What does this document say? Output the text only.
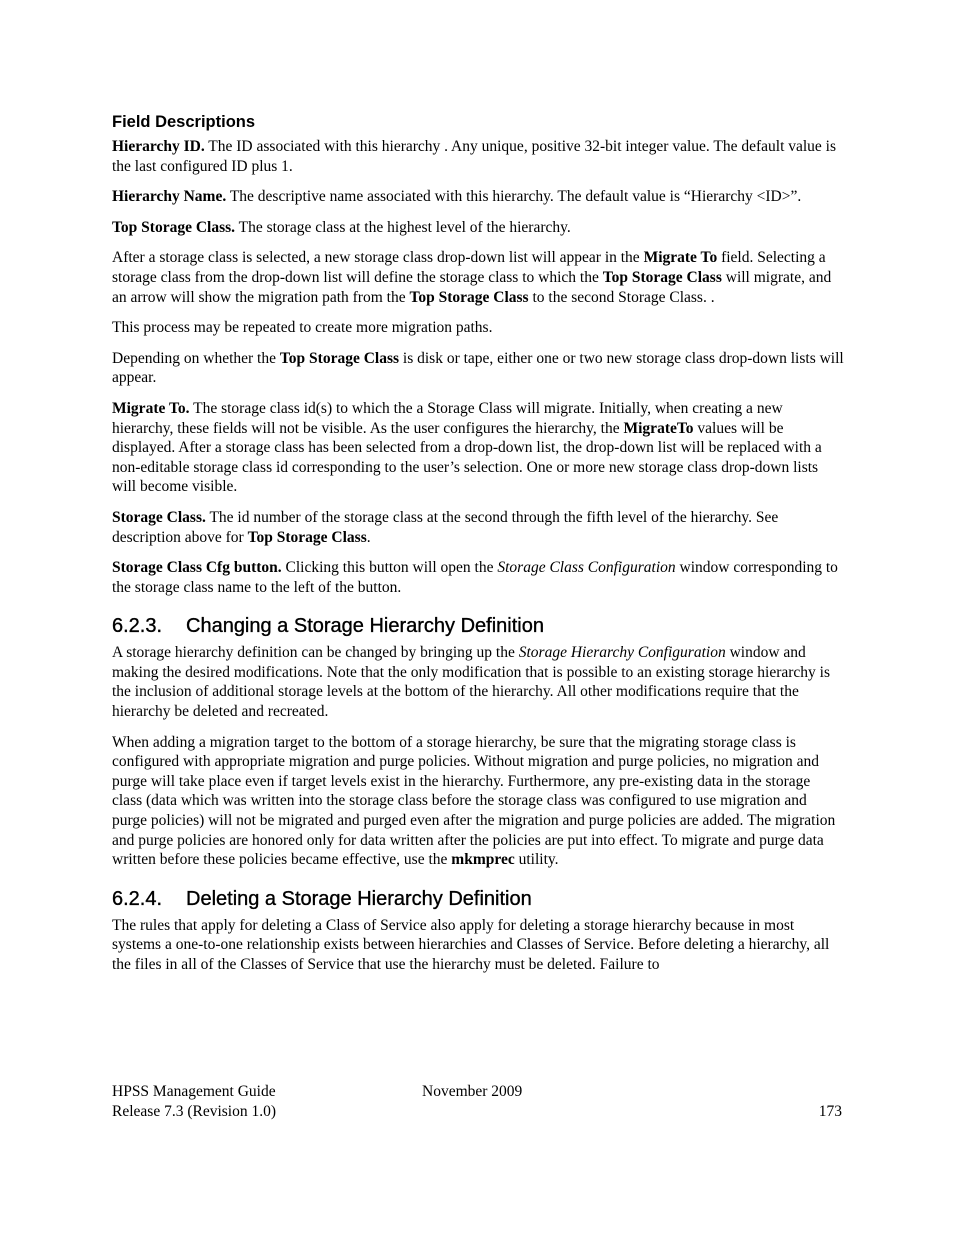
Field Descriptions

Hierarchy ID. The ID associated with this hierarchy . Any unique, positive 32-bit integer value. The default value is the last configured ID plus 1.

Hierarchy Name. The descriptive name associated with this hierarchy. The default value is “Hierarchy <ID>”.

Top Storage Class. The storage class at the highest level of the hierarchy.

After a storage class is selected, a new storage class drop-down list will appear in the Migrate To field. Selecting a storage class from the drop-down list will define the storage class to which the Top Storage Class will migrate, and an arrow will show the migration path from the Top Storage Class to the second Storage Class. .

This process may be repeated to create more migration paths.

Depending on whether the Top Storage Class is disk or tape, either one or two new storage class drop-down lists will appear.

Migrate To. The storage class id(s) to which the a Storage Class will migrate. Initially, when creating a new hierarchy, these fields will not be visible. As the user configures the hierarchy, the MigrateTo values will be displayed. After a storage class has been selected from a drop-down list, the drop-down list will be replaced with a non-editable storage class id corresponding to the user’s selection. One or more new storage class drop-down lists will become visible.

Storage Class. The id number of the storage class at the second through the fifth level of the hierarchy. See description above for Top Storage Class.

Storage Class Cfg button. Clicking this button will open the Storage Class Configuration window corresponding to the storage class name to the left of the button.

6.2.3. Changing a Storage Hierarchy Definition

A storage hierarchy definition can be changed by bringing up the Storage Hierarchy Configuration window and making the desired modifications. Note that the only modification that is possible to an existing storage hierarchy is the inclusion of additional storage levels at the bottom of the hierarchy. All other modifications require that the hierarchy be deleted and recreated.

When adding a migration target to the bottom of a storage hierarchy, be sure that the migrating storage class is configured with appropriate migration and purge policies. Without migration and purge policies, no migration and purge will take place even if target levels exist in the hierarchy. Furthermore, any pre-existing data in the storage class (data which was written into the storage class before the storage class was configured to use migration and purge policies) will not be migrated and purged even after the migration and purge policies are added. The migration and purge policies are honored only for data written after the policies are put into effect. To migrate and purge data written before these policies became effective, use the mkmprec utility.

6.2.4. Deleting a Storage Hierarchy Definition

The rules that apply for deleting a Class of Service also apply for deleting a storage hierarchy because in most systems a one-to-one relationship exists between hierarchies and Classes of Service. Before deleting a hierarchy, all the files in all of the Classes of Service that use the hierarchy must be deleted. Failure to

HPSS Management Guide	November 2009
Release 7.3 (Revision 1.0)	173
